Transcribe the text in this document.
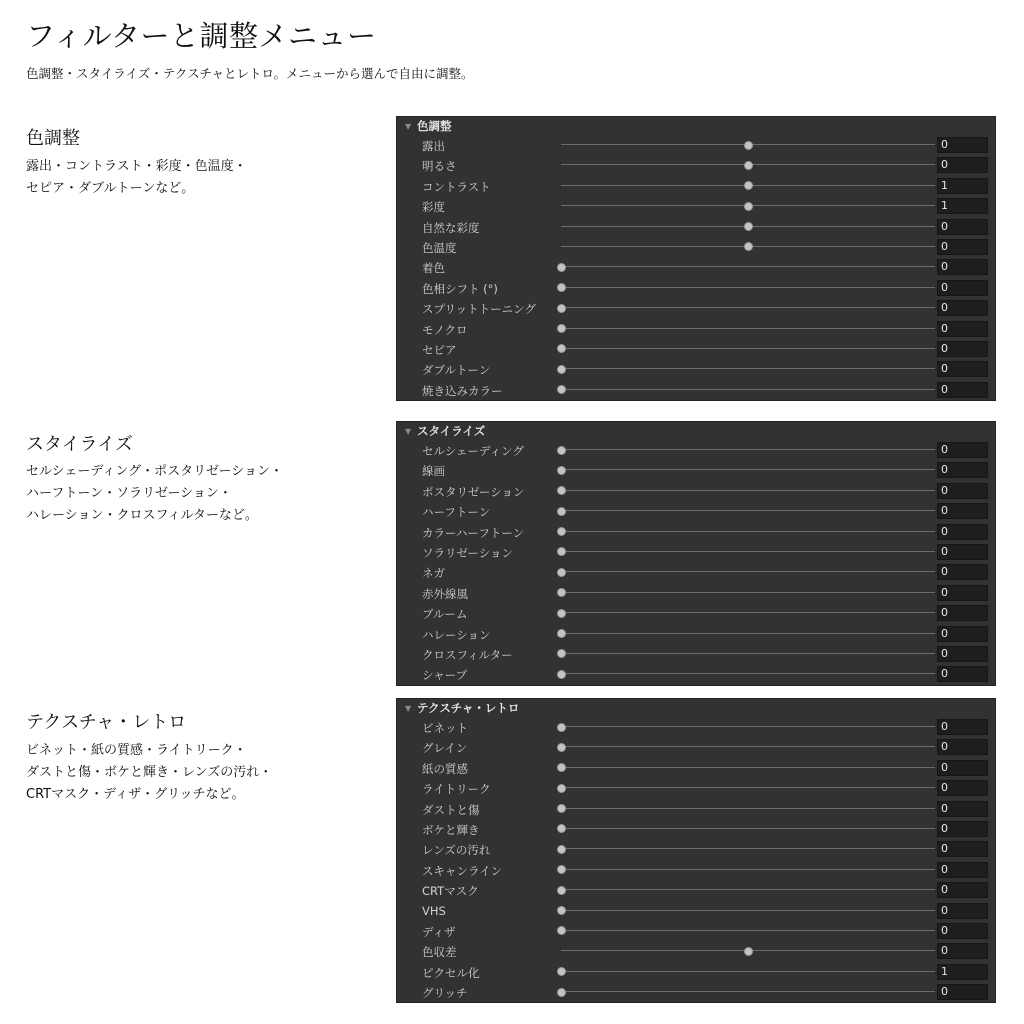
フィルターと調整メニュー
色調整・スタイライズ・テクスチャとレトロ。メニューから選んで自由に調整。
色調整
露出・コントラスト・彩度・色温度・
セピア・ダブルトーンなど。
▼ 色調整
露出	0
明るさ	0
コントラスト	1
彩度	1
自然な彩度	0
色温度	0
着色	0
色相シフト (°)	0
スプリットトーニング	0
モノクロ	0
セピア	0
ダブルトーン	0
焼き込みカラー	0
スタイライズ
セルシェーディング・ポスタリゼーション・
ハーフトーン・ソラリゼーション・
ハレーション・クロスフィルターなど。
▼ スタイライズ
セルシェーディング	0
線画	0
ポスタリゼーション	0
ハーフトーン	0
カラーハーフトーン	0
ソラリゼーション	0
ネガ	0
赤外線風	0
ブルーム	0
ハレーション	0
クロスフィルター	0
シャープ	0
テクスチャ・レトロ
ビネット・紙の質感・ライトリーク・
ダストと傷・ボケと輝き・レンズの汚れ・
CRTマスク・ディザ・グリッチなど。
▼ テクスチャ・レトロ
ビネット	0
グレイン	0
紙の質感	0
ライトリーク	0
ダストと傷	0
ボケと輝き	0
レンズの汚れ	0
スキャンライン	0
CRTマスク	0
VHS	0
ディザ	0
色収差	0
ピクセル化	1
グリッチ	0
